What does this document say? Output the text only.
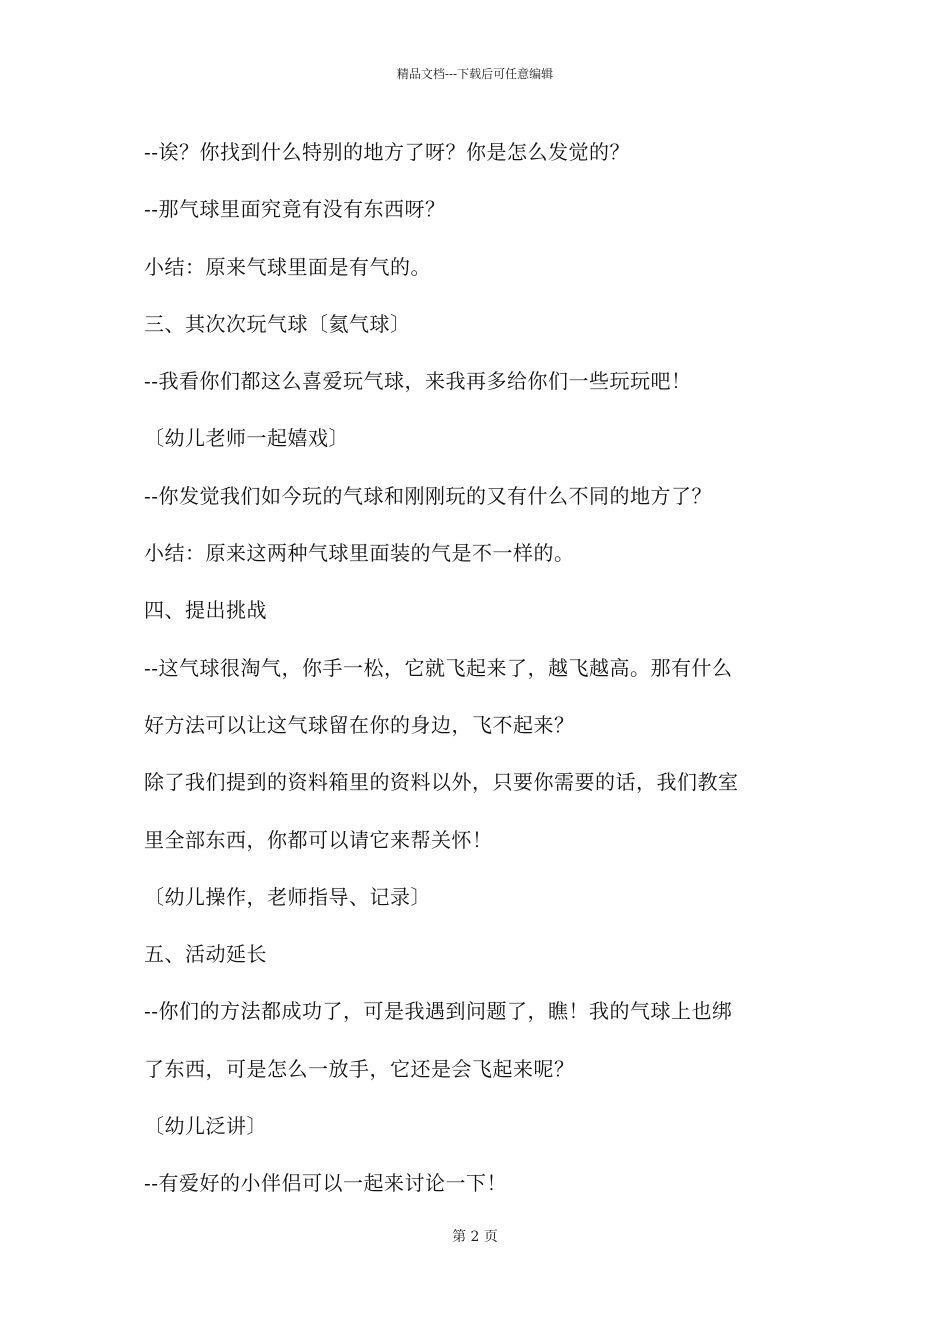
精品文档---下载后可任意编辑
--诶？你找到什么特别的地方了呀？你是怎么发觉的？
--那气球里面究竟有没有东西呀？
小结：原来气球里面是有气的。
三、其次次玩气球〔氦气球〕
--我看你们都这么喜爱玩气球，来我再多给你们一些玩玩吧！
〔幼儿老师一起嬉戏〕
--你发觉我们如今玩的气球和刚刚玩的又有什么不同的地方了？
小结：原来这两种气球里面装的气是不一样的。
四、提出挑战
--这气球很淘气，你手一松，它就飞起来了，越飞越高。那有什么
好方法可以让这气球留在你的身边，飞不起来？
除了我们提到的资料箱里的资料以外，只要你需要的话，我们教室
里全部东西，你都可以请它来帮关怀！
〔幼儿操作，老师指导、记录〕
五、活动延长
--你们的方法都成功了，可是我遇到问题了，瞧！我的气球上也绑
了东西，可是怎么一放手，它还是会飞起来呢？
〔幼儿泛讲〕
--有爱好的小伴侣可以一起来讨论一下！
第 2 页
